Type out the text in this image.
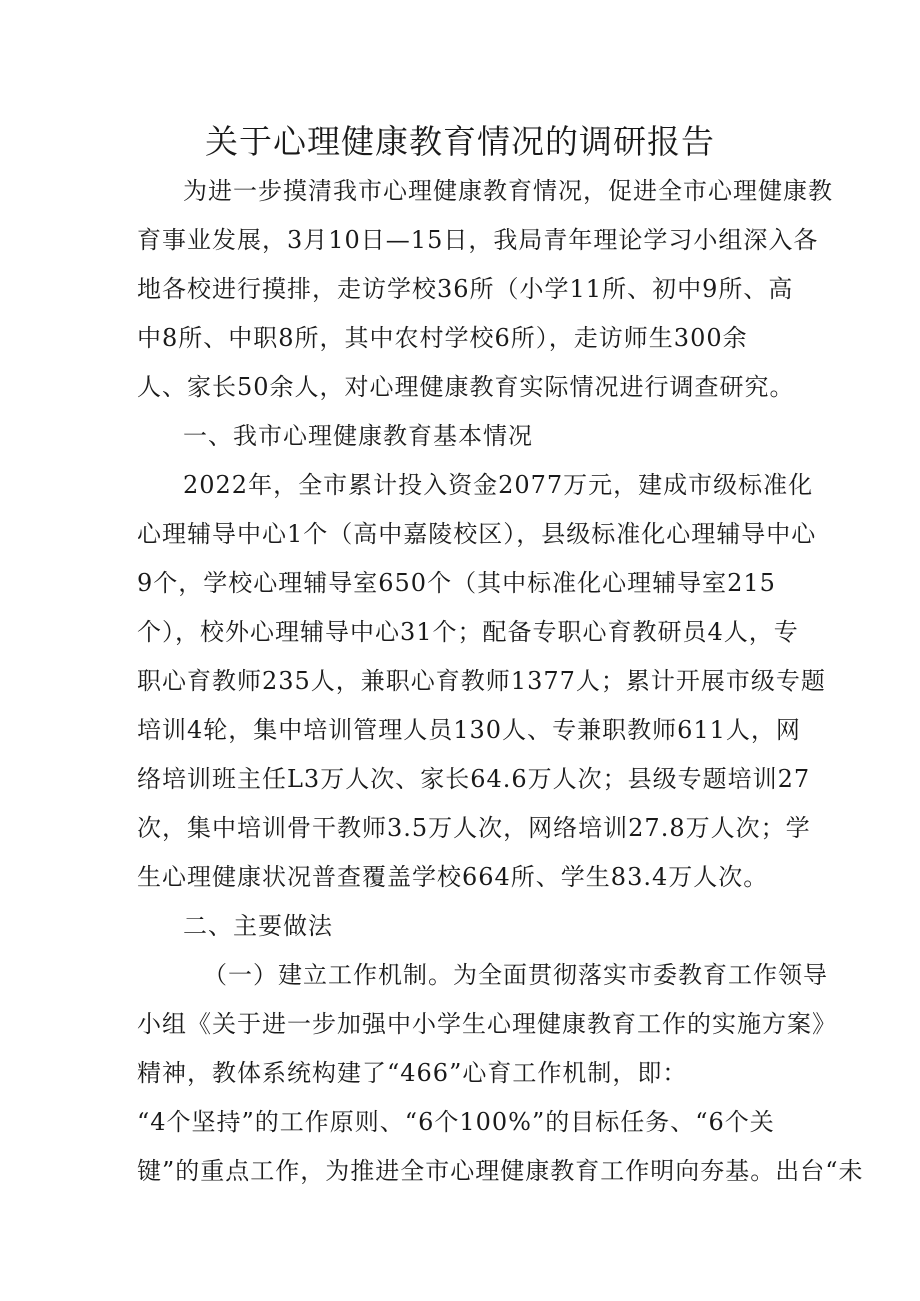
关于心理健康教育情况的调研报告
为进一步摸清我市心理健康教育情况，促进全市心理健康教
育事业发展，3月10日—15日，我局青年理论学习小组深入各
地各校进行摸排，走访学校36所（小学11所、初中9所、高
中8所、中职8所，其中农村学校6所），走访师生300余
人、家长50余人，对心理健康教育实际情况进行调查研究。
一、我市心理健康教育基本情况
2022年，全市累计投入资金2077万元，建成市级标准化
心理辅导中心1个（高中嘉陵校区），县级标准化心理辅导中心
9个，学校心理辅导室650个（其中标准化心理辅导室215
个），校外心理辅导中心31个；配备专职心育教研员4人，专
职心育教师235人，兼职心育教师1377人；累计开展市级专题
培训4轮，集中培训管理人员130人、专兼职教师611人，网
络培训班主任L3万人次、家长64.6万人次；县级专题培训27
次，集中培训骨干教师3.5万人次，网络培训27.8万人次；学
生心理健康状况普查覆盖学校664所、学生83.4万人次。
二、主要做法
（一）建立工作机制。为全面贯彻落实市委教育工作领导
小组《关于进一步加强中小学生心理健康教育工作的实施方案》
精神，教体系统构建了“466”心育工作机制，即：
“4个坚持”的工作原则、“6个100%”的目标任务、“6个关
键”的重点工作，为推进全市心理健康教育工作明向夯基。出台“未
